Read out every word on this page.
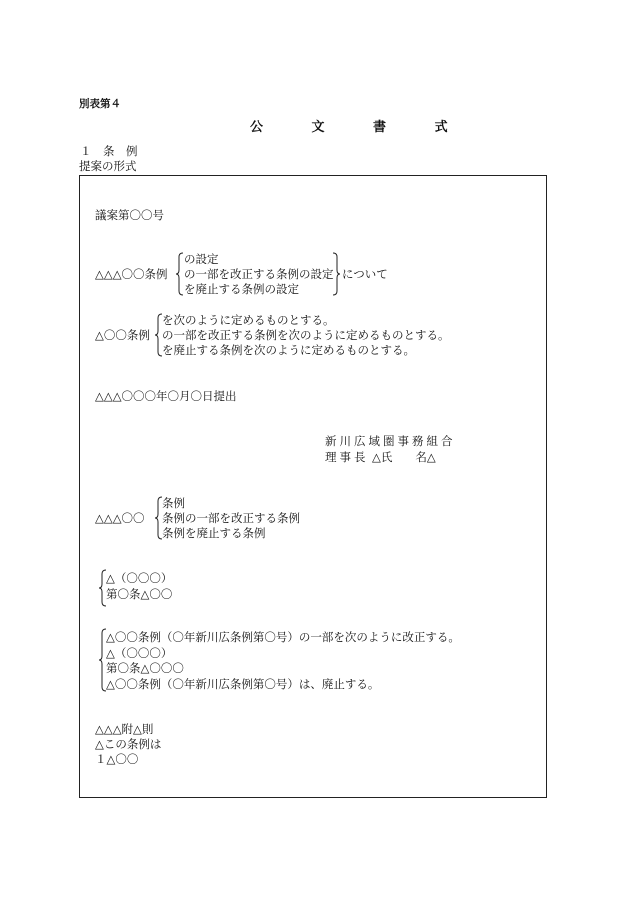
別表第４
公 文 書 式
１　条　例
提案の形式
議案第〇〇号
△△△〇〇条例
の設定
の一部を改正する条例の設定
を廃止する条例の設定
について
△〇〇条例
を次のように定めるものとする。
の一部を改正する条例を次のように定めるものとする。
を廃止する条例を次のように定めるものとする。
△△△〇〇〇年〇月〇日提出
新川広域圏事務組合
理事長 △氏　　名△
△△△〇〇
条例
条例の一部を改正する条例
条例を廃止する条例
△（〇〇〇）
第〇条△〇〇
△〇〇条例（〇年新川広条例第〇号）の一部を次のように改正する。
△（〇〇〇）
第〇条△〇〇〇
△〇〇条例（〇年新川広条例第〇号）は、廃止する。
△△△附△則
△この条例は
１△〇〇
